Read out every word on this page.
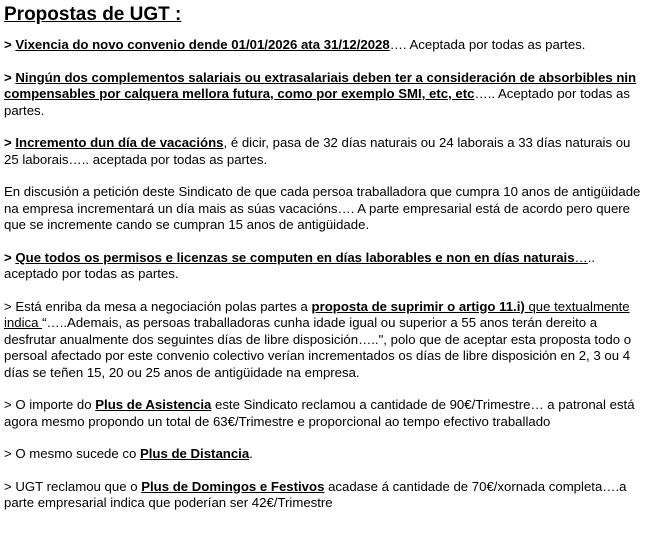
Propostas de UGT :

> Vixencia do novo convenio dende 01/01/2026 ata 31/12/2028…. Aceptada por todas as partes.

> Ningún dos complementos salariais ou extrasalariais deben ter a consideración de absorbibles nin compensables por calquera mellora futura, como por exemplo SMI, etc, etc….. Aceptado por todas as partes.

> Incremento dun día de vacacións, é dicir, pasa de 32 días naturais ou 24 laborais a 33 días naturais ou 25 laborais….. aceptada por todas as partes.

En discusión a petición deste Sindicato de que cada persoa traballadora que cumpra 10 anos de antigüidade na empresa incrementará un día mais as súas vacacións…. A parte empresarial está de acordo pero quere que se incremente cando se cumpran 15 anos de antigüidade.

> Que todos os permisos e licenzas se computen en días laborables e non en días naturais….. aceptado por todas as partes.

> Está enriba da mesa a negociación polas partes a proposta de suprimir o artigo 11.i) que textualmente indica “…..Ademais, as persoas traballadoras cunha idade igual ou superior a 55 anos terán dereito a desfrutar anualmente dos seguintes días de libre disposición…..", polo que de aceptar esta proposta todo o persoal afectado por este convenio colectivo verían incrementados os días de libre disposición en 2, 3 ou 4 días se teñen 15, 20 ou 25 anos de antigüidade na empresa.

> O importe do Plus de Asistencia este Sindicato reclamou a cantidade de 90€/Trimestre… a patronal está agora mesmo propondo un total de 63€/Trimestre e proporcional ao tempo efectivo traballado

> O mesmo sucede co Plus de Distancia.

> UGT reclamou que o Plus de Domingos e Festivos acadase á cantidade de 70€/xornada completa….a parte empresarial indica que poderían ser 42€/Trimestre
